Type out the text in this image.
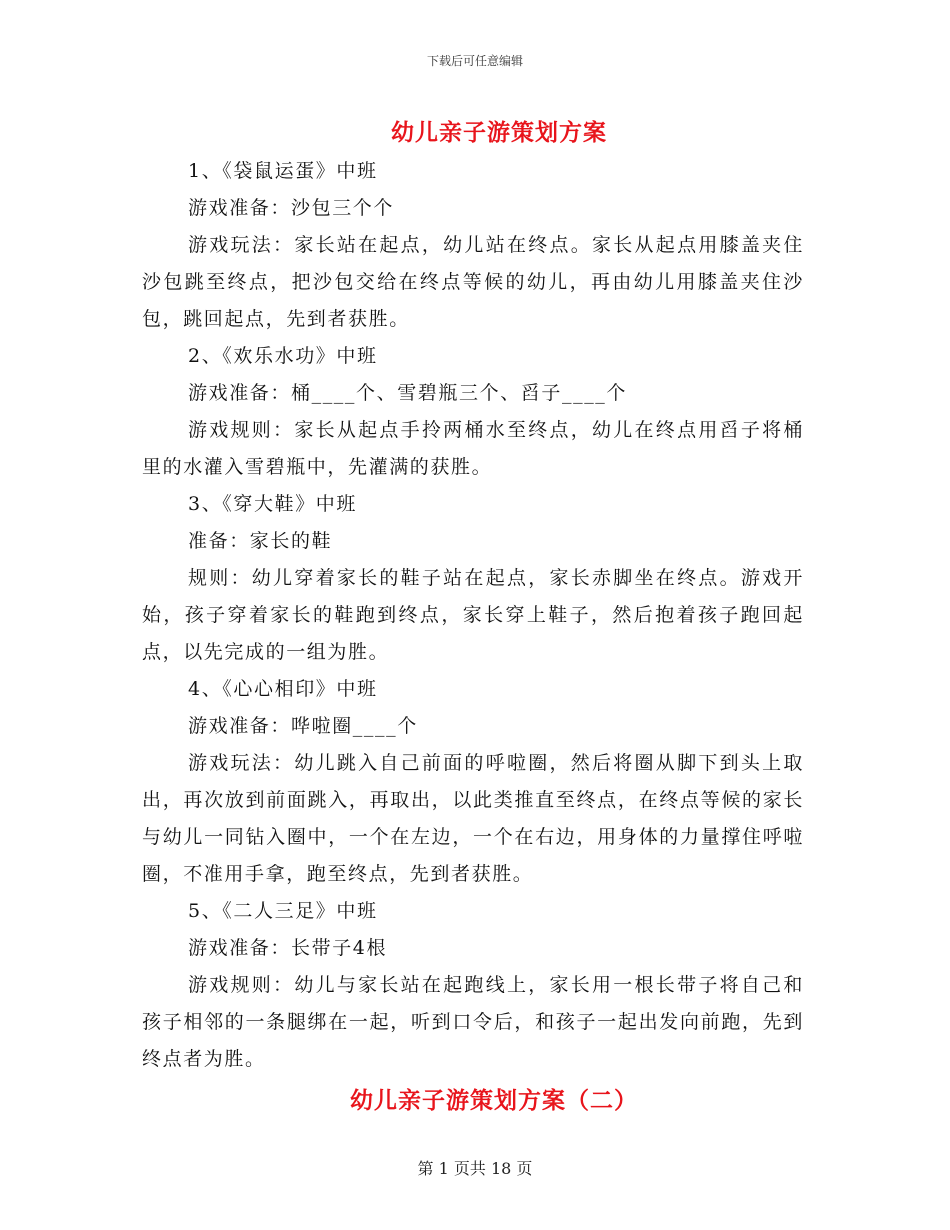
下载后可任意编辑
幼儿亲子游策划方案

1、《袋鼠运蛋》中班

游戏准备：沙包三个个

游戏玩法：家长站在起点，幼儿站在终点。家长从起点用膝盖夹住沙包跳至终点，把沙包交给在终点等候的幼儿，再由幼儿用膝盖夹住沙包，跳回起点，先到者获胜。

2、《欢乐水功》中班

游戏准备：桶____个、雪碧瓶三个、舀子____个

游戏规则：家长从起点手拎两桶水至终点，幼儿在终点用舀子将桶里的水灌入雪碧瓶中，先灌满的获胜。

3、《穿大鞋》中班

准备：家长的鞋

规则：幼儿穿着家长的鞋子站在起点，家长赤脚坐在终点。游戏开始，孩子穿着家长的鞋跑到终点，家长穿上鞋子，然后抱着孩子跑回起点，以先完成的一组为胜。

4、《心心相印》中班

游戏准备：哗啦圈____个

游戏玩法：幼儿跳入自己前面的呼啦圈，然后将圈从脚下到头上取出，再次放到前面跳入，再取出，以此类推直至终点，在终点等候的家长与幼儿一同钻入圈中，一个在左边，一个在右边，用身体的力量撑住呼啦圈，不准用手拿，跑至终点，先到者获胜。

5、《二人三足》中班

游戏准备：长带子4根

游戏规则：幼儿与家长站在起跑线上，家长用一根长带子将自己和孩子相邻的一条腿绑在一起，听到口令后，和孩子一起出发向前跑，先到终点者为胜。

幼儿亲子游策划方案（二）
第 1 页共 18 页
